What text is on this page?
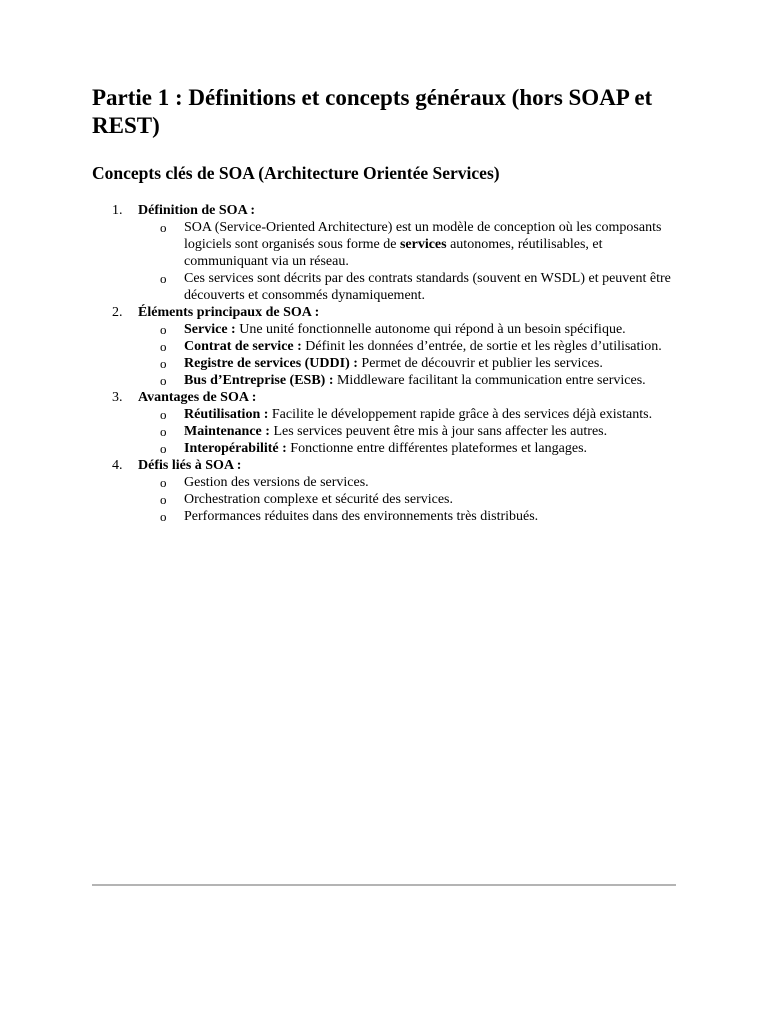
Partie 1 : Définitions et concepts généraux (hors SOAP et REST)
Concepts clés de SOA (Architecture Orientée Services)
1. Définition de SOA :
o SOA (Service-Oriented Architecture) est un modèle de conception où les composants logiciels sont organisés sous forme de services autonomes, réutilisables, et communiquant via un réseau.
o Ces services sont décrits par des contrats standards (souvent en WSDL) et peuvent être découverts et consommés dynamiquement.
2. Éléments principaux de SOA :
o Service : Une unité fonctionnelle autonome qui répond à un besoin spécifique.
o Contrat de service : Définit les données d’entrée, de sortie et les règles d’utilisation.
o Registre de services (UDDI) : Permet de découvrir et publier les services.
o Bus d’Entreprise (ESB) : Middleware facilitant la communication entre services.
3. Avantages de SOA :
o Réutilisation : Facilite le développement rapide grâce à des services déjà existants.
o Maintenance : Les services peuvent être mis à jour sans affecter les autres.
o Interopérabilité : Fonctionne entre différentes plateformes et langages.
4. Défis liés à SOA :
o Gestion des versions de services.
o Orchestration complexe et sécurité des services.
o Performances réduites dans des environnements très distribués.
